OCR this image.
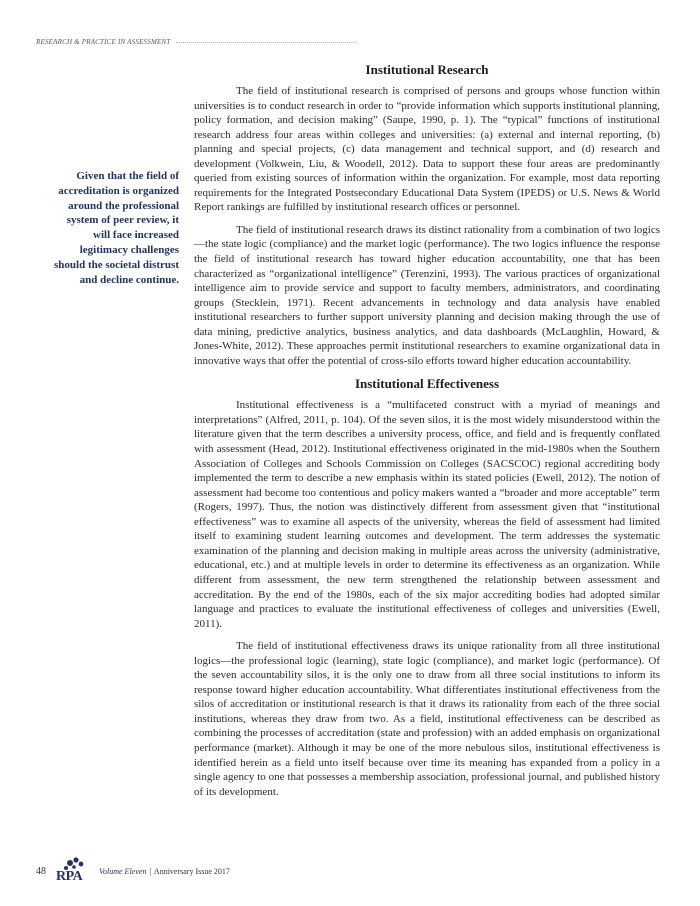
RESEARCH & PRACTICE IN ASSESSMENT
Given that the field of accreditation is organized around the professional system of peer review, it will face increased legitimacy challenges should the societal distrust and decline continue.
Institutional Research

The field of institutional research is comprised of persons and groups whose function within universities is to conduct research in order to “provide information which supports institutional planning, policy formation, and decision making” (Saupe, 1990, p. 1). The “typical” functions of institutional research address four areas within colleges and universities: (a) external and internal reporting, (b) planning and special projects, (c) data management and technical support, and (d) research and development (Volkwein, Liu, & Woodell, 2012). Data to support these four areas are predominantly queried from existing sources of information within the organization. For example, most data reporting requirements for the Integrated Postsecondary Educational Data System (IPEDS) or U.S. News & World Report rankings are fulfilled by institutional research offices or personnel.

The field of institutional research draws its distinct rationality from a combination of two logics—the state logic (compliance) and the market logic (performance). The two logics influence the response the field of institutional research has toward higher education accountability, one that has been characterized as “organizational intelligence” (Terenzini, 1993). The various practices of organizational intelligence aim to provide service and support to faculty members, administrators, and coordinating groups (Stecklein, 1971). Recent advancements in technology and data analysis have enabled institutional researchers to further support university planning and decision making through the use of data mining, predictive analytics, business analytics, and data dashboards (McLaughlin, Howard, & Jones-White, 2012). These approaches permit institutional researchers to examine organizational data in innovative ways that offer the potential of cross-silo efforts toward higher education accountability.

Institutional Effectiveness

Institutional effectiveness is a “multifaceted construct with a myriad of meanings and interpretations” (Alfred, 2011, p. 104). Of the seven silos, it is the most widely misunderstood within the literature given that the term describes a university process, office, and field and is frequently conflated with assessment (Head, 2012). Institutional effectiveness originated in the mid-1980s when the Southern Association of Colleges and Schools Commission on Colleges (SACSCOC) regional accrediting body implemented the term to describe a new emphasis within its stated policies (Ewell, 2012). The notion of assessment had become too contentious and policy makers wanted a “broader and more acceptable” term (Rogers, 1997). Thus, the notion was distinctively different from assessment given that “institutional effectiveness” was to examine all aspects of the university, whereas the field of assessment had limited itself to examining student learning outcomes and development. The term addresses the systematic examination of the planning and decision making in multiple areas across the university (administrative, educational, etc.) and at multiple levels in order to determine its effectiveness as an organization. While different from assessment, the new term strengthened the relationship between assessment and accreditation. By the end of the 1980s, each of the six major accrediting bodies had adopted similar language and practices to evaluate the institutional effectiveness of colleges and universities (Ewell, 2011).

The field of institutional effectiveness draws its unique rationality from all three institutional logics—the professional logic (learning), state logic (compliance), and market logic (performance). Of the seven accountability silos, it is the only one to draw from all three social institutions to inform its response toward higher education accountability. What differentiates institutional effectiveness from the silos of accreditation or institutional research is that it draws its rationality from each of the three social institutions, whereas they draw from two. As a field, institutional effectiveness can be described as combining the processes of accreditation (state and profession) with an added emphasis on organizational performance (market). Although it may be one of the more nebulous silos, institutional effectiveness is identified herein as a field unto itself because over time its meaning has expanded from a policy in a single agency to one that possesses a membership association, professional journal, and published history of its development.

48 RPA Volume Eleven | Anniversary Issue 2017
